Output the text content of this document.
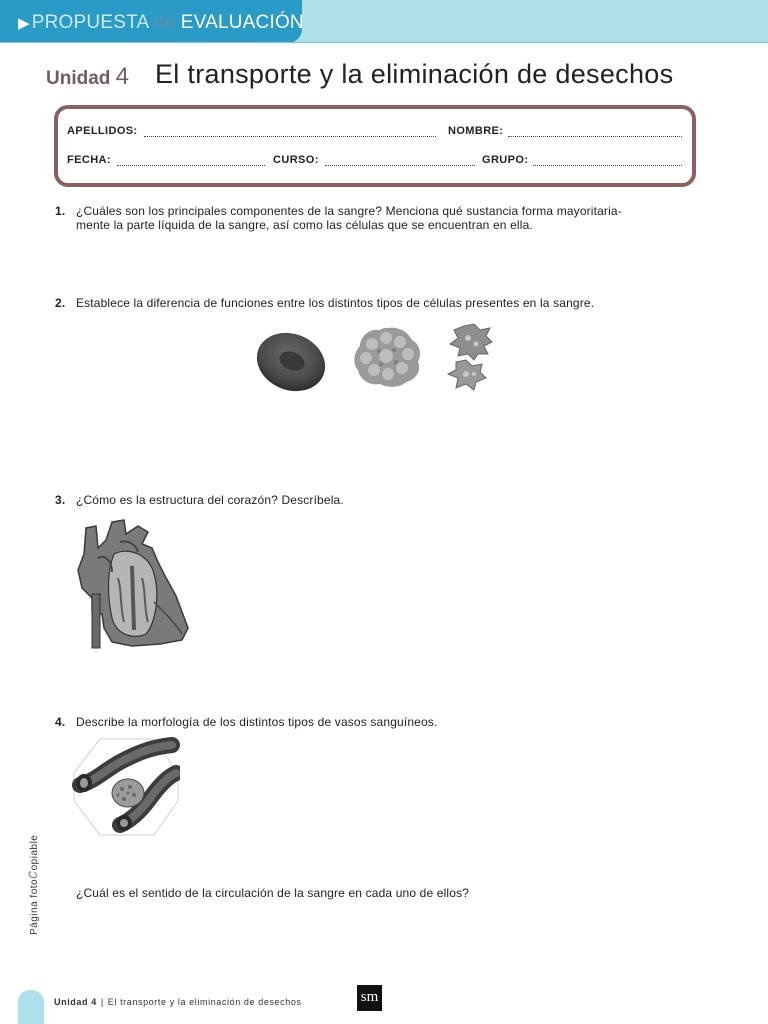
▶ PROPUESTA de EVALUACIÓN
Unidad 4 El transporte y la eliminación de desechos
APELLIDOS:	NOMBRE:
FECHA:	CURSO:	GRUPO:
1. ¿Cuáles son los principales componentes de la sangre? Menciona qué sustancia forma mayoritaria-
mente la parte líquida de la sangre, así como las células que se encuentran en ella.
2. Establece la diferencia de funciones entre los distintos tipos de células presentes en la sangre.
3. ¿Cómo es la estructura del corazón? Descríbela.
4. Describe la morfología de los distintos tipos de vasos sanguíneos.
¿Cuál es el sentido de la circulación de la sangre en cada uno de ellos?
Página fotocopiable
Unidad 4 | El transporte y la eliminación de desechos	sm
